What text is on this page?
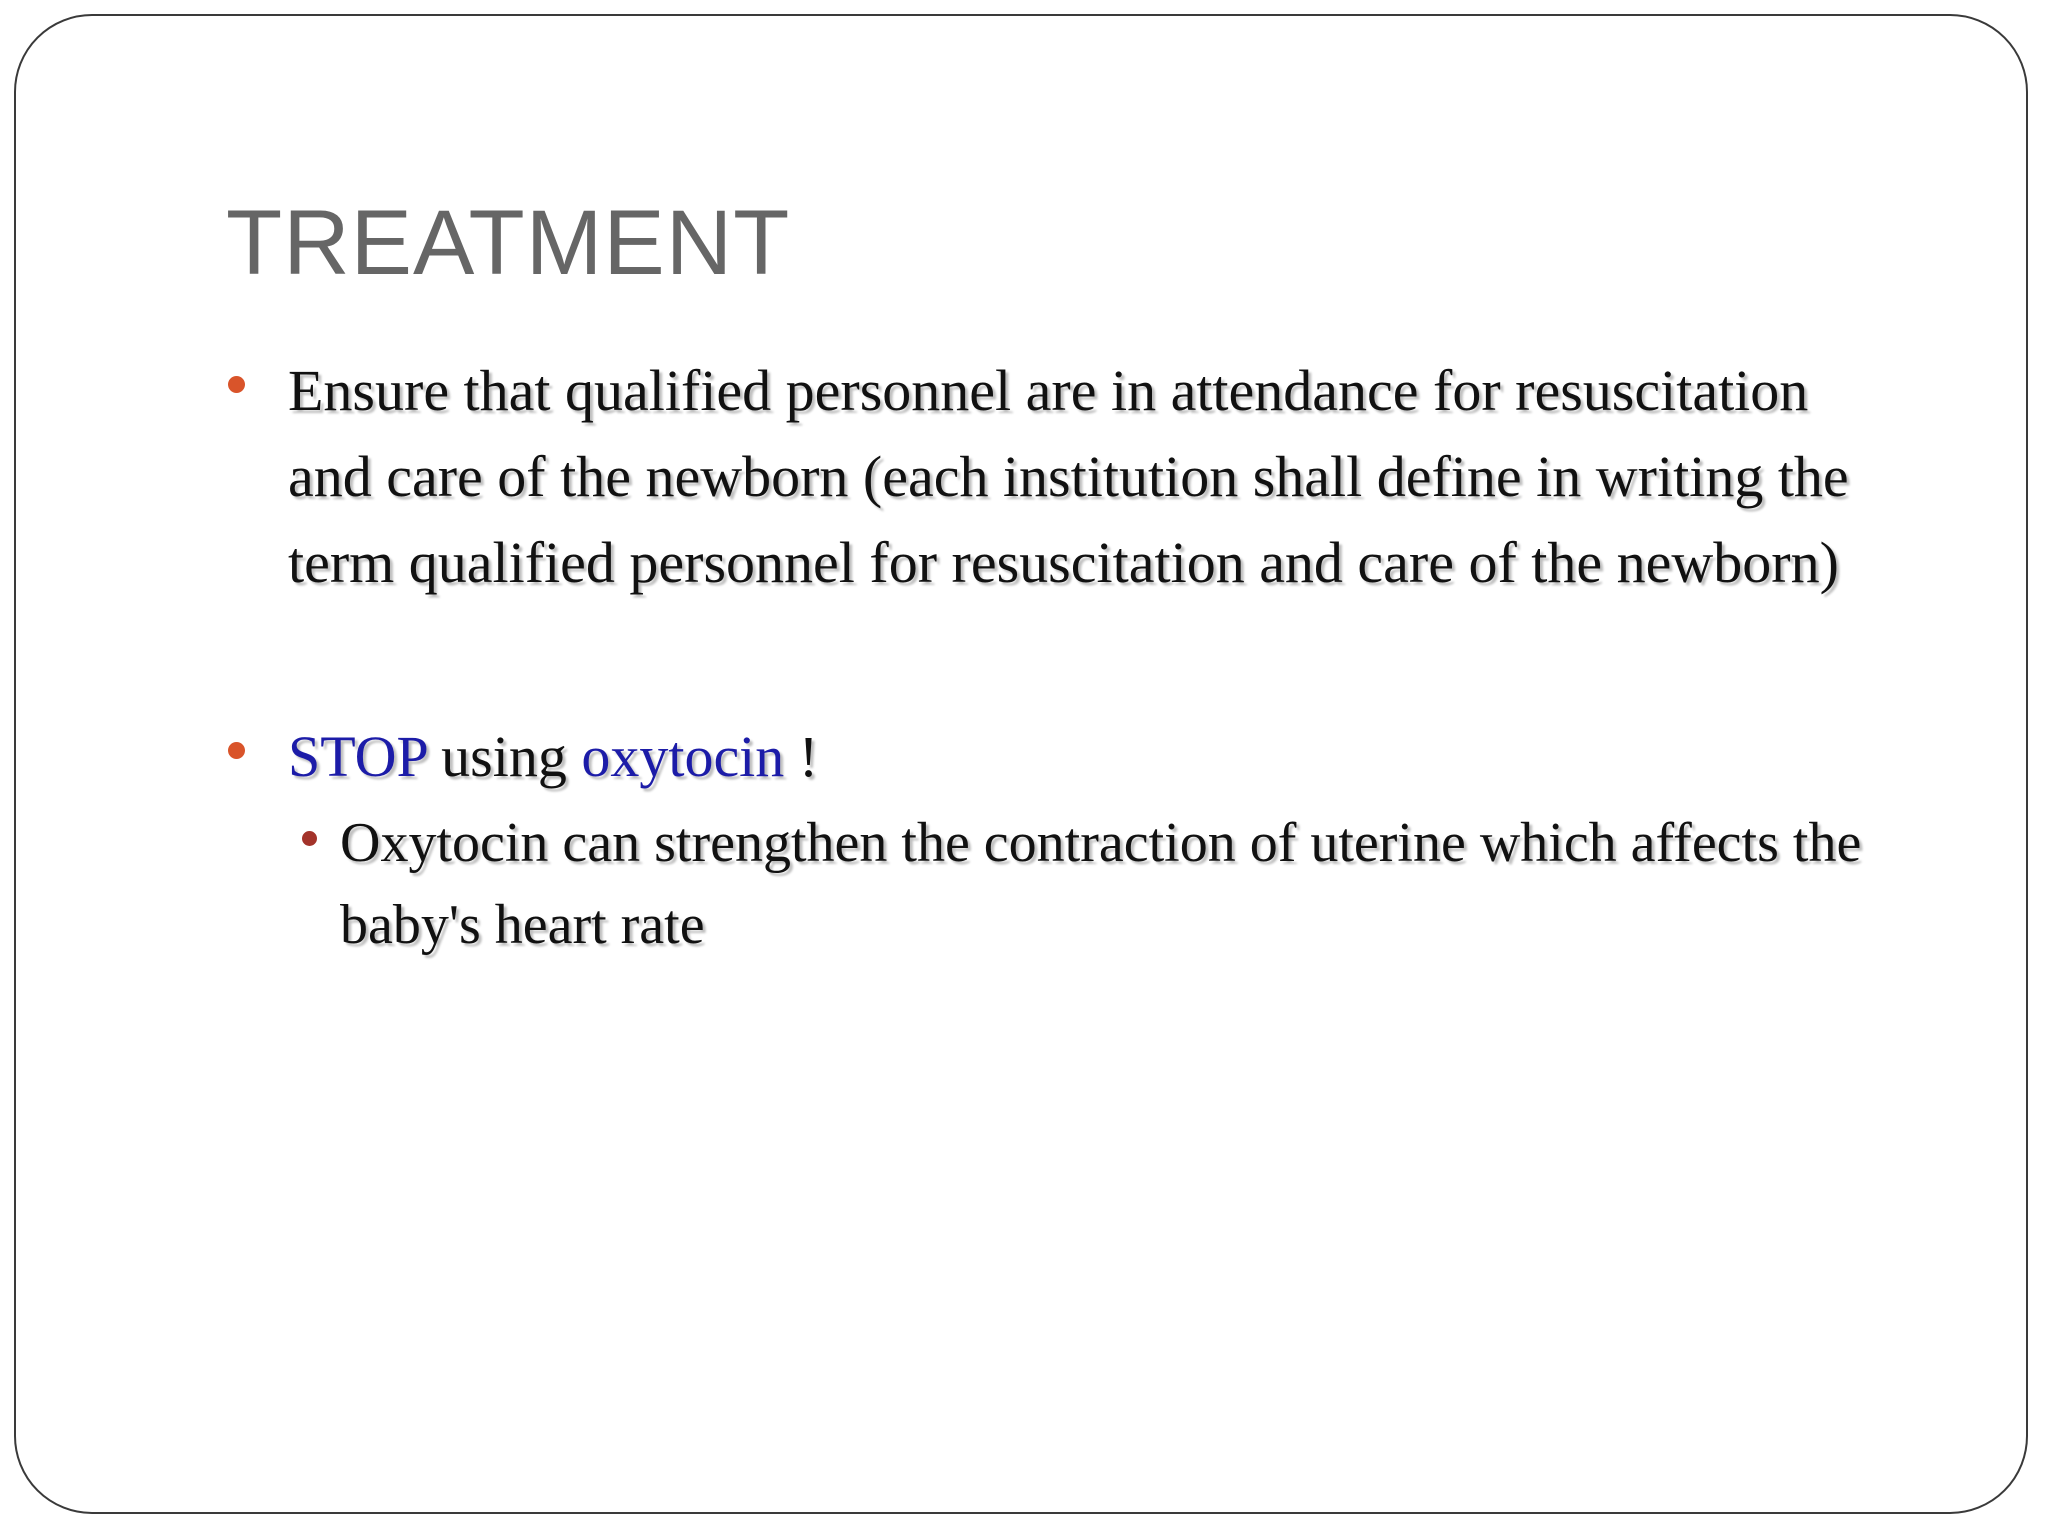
TREATMENT
Ensure that qualified personnel are in attendance for resuscitation and care of the newborn (each institution shall define in writing the term qualified personnel for resuscitation and care of the newborn)
STOP using oxytocin !
Oxytocin can strengthen the contraction of uterine which affects the baby's heart rate
